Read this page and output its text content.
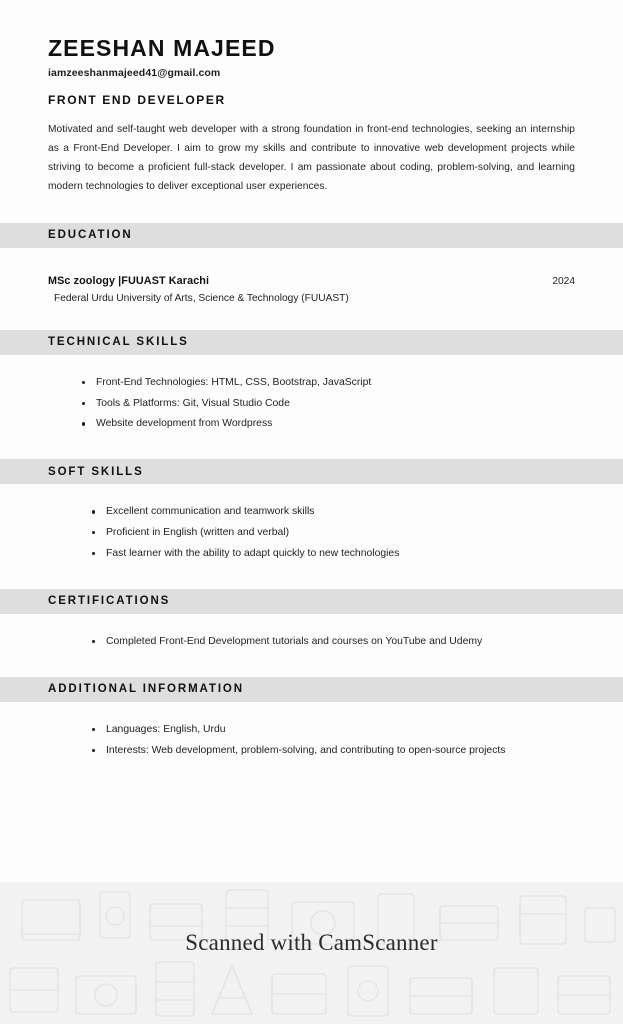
ZEESHAN MAJEED
iamzeeshanmajeed41@gmail.com
FRONT END DEVELOPER
Motivated and self-taught web developer with a strong foundation in front-end technologies, seeking an internship as a Front-End Developer. I aim to grow my skills and contribute to innovative web development projects while striving to become a proficient full-stack developer. I am passionate about coding, problem-solving, and learning modern technologies to deliver exceptional user experiences.
EDUCATION
MSc zoology |FUUAST Karachi
Federal Urdu University of Arts, Science & Technology (FUUAST)
2024
TECHNICAL SKILLS
Front-End Technologies: HTML, CSS, Bootstrap, JavaScript
Tools & Platforms: Git, Visual Studio Code
Website development from Wordpress
SOFT SKILLS
Excellent communication and teamwork skills
Proficient in English (written and verbal)
Fast learner with the ability to adapt quickly to new technologies
CERTIFICATIONS
Completed Front-End Development tutorials and courses on YouTube and Udemy
ADDITIONAL INFORMATION
Languages: English, Urdu
Interests: Web development, problem-solving, and contributing to open-source projects
Scanned with CamScanner
